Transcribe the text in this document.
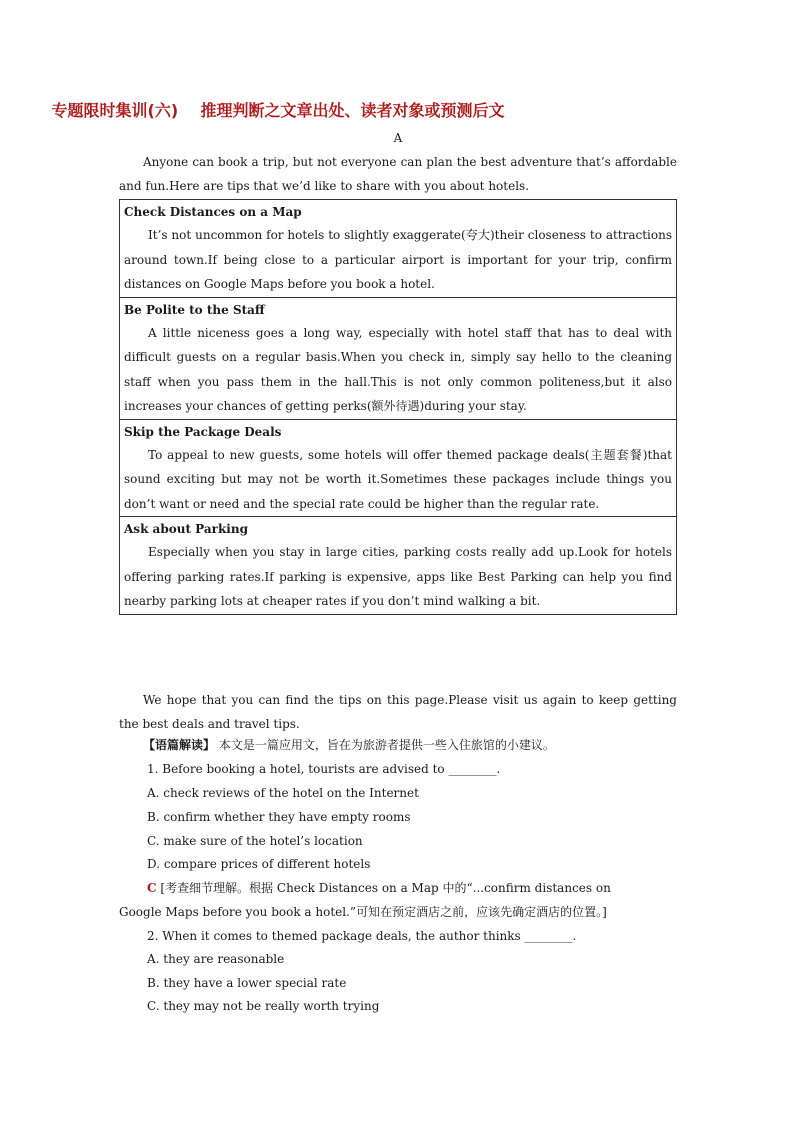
专题限时集训(六)    推理判断之文章出处、读者对象或预测后文
A
Anyone can book a trip, but not everyone can plan the best adventure that’s affordable and fun.Here are tips that we’d like to share with you about hotels.
Check Distances on a Map
It’s not uncommon for hotels to slightly exaggerate(夸大)their closeness to attractions around town.If being close to a particular airport is important for your trip, confirm distances on Google Maps before you book a hotel.

Be Polite to the Staff
A little niceness goes a long way, especially with hotel staff that has to deal with difficult guests on a regular basis.When you check in, simply say hello to the cleaning staff when you pass them in the hall.This is not only common politeness,but it also increases your chances of getting perks(额外待遇)during your stay.

Skip the Package Deals
To appeal to new guests, some hotels will offer themed package deals(主题套餐)that sound exciting but may not be worth it.Sometimes these packages include things you don’t want or need and the special rate could be higher than the regular rate.

Ask about Parking
Especially when you stay in large cities, parking costs really add up.Look for hotels offering parking rates.If parking is expensive, apps like Best Parking can help you find nearby parking lots at cheaper rates if you don’t mind walking a bit.
We hope that you can find the tips on this page.Please visit us again to keep getting the best deals and travel tips.
【语篇解读】 本文是一篇应用文，旨在为旅游者提供一些入住旅馆的小建议。
1. Before booking a hotel, tourists are advised to ________.
A. check reviews of the hotel on the Internet
B. confirm whether they have empty rooms
C. make sure of the hotel’s location
D. compare prices of different hotels
C [考查细节理解。根据 Check Distances on a Map 中的“...confirm distances on
Google Maps before you book a hotel.”可知在预定酒店之前，应该先确定酒店的位置。]
2. When it comes to themed package deals, the author thinks ________.
A. they are reasonable
B. they have a lower special rate
C. they may not be really worth trying
